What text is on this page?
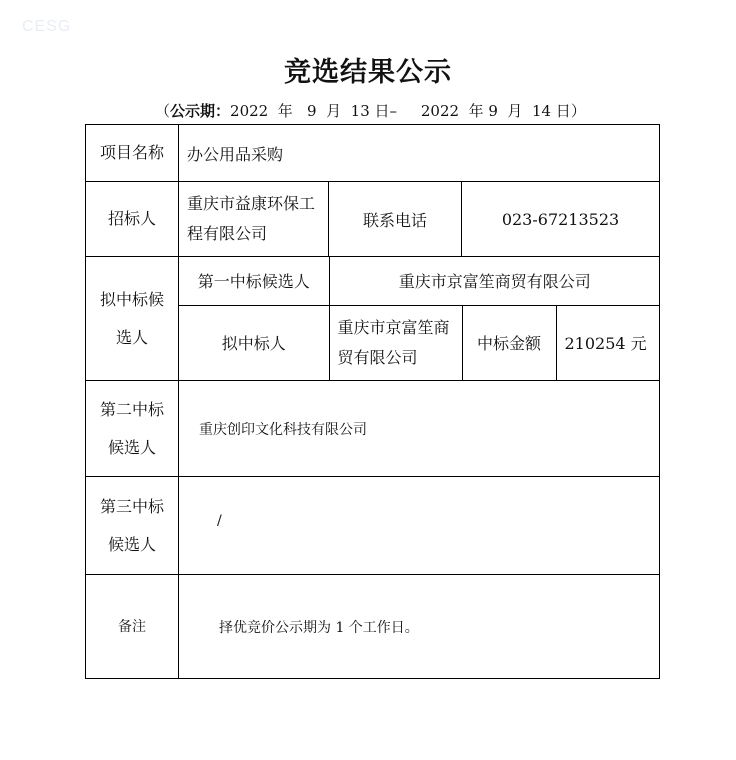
CESG
竞选结果公示
（公示期：2022  年   9  月  13 日–     2022  年 9  月  14 日）
项目名称	办公用品采购
招标人	重庆市益康环保工程有限公司	联系电话	023-67213523
拟中标候选人	
第一中标候选人	重庆市京富笙商贸有限公司
拟中标人	重庆市京富笙商贸有限公司	中标金额	210254 元

第二中标候选人	重庆创印文化科技有限公司
第三中标候选人	/
备注	择优竞价公示期为 1 个工作日。
